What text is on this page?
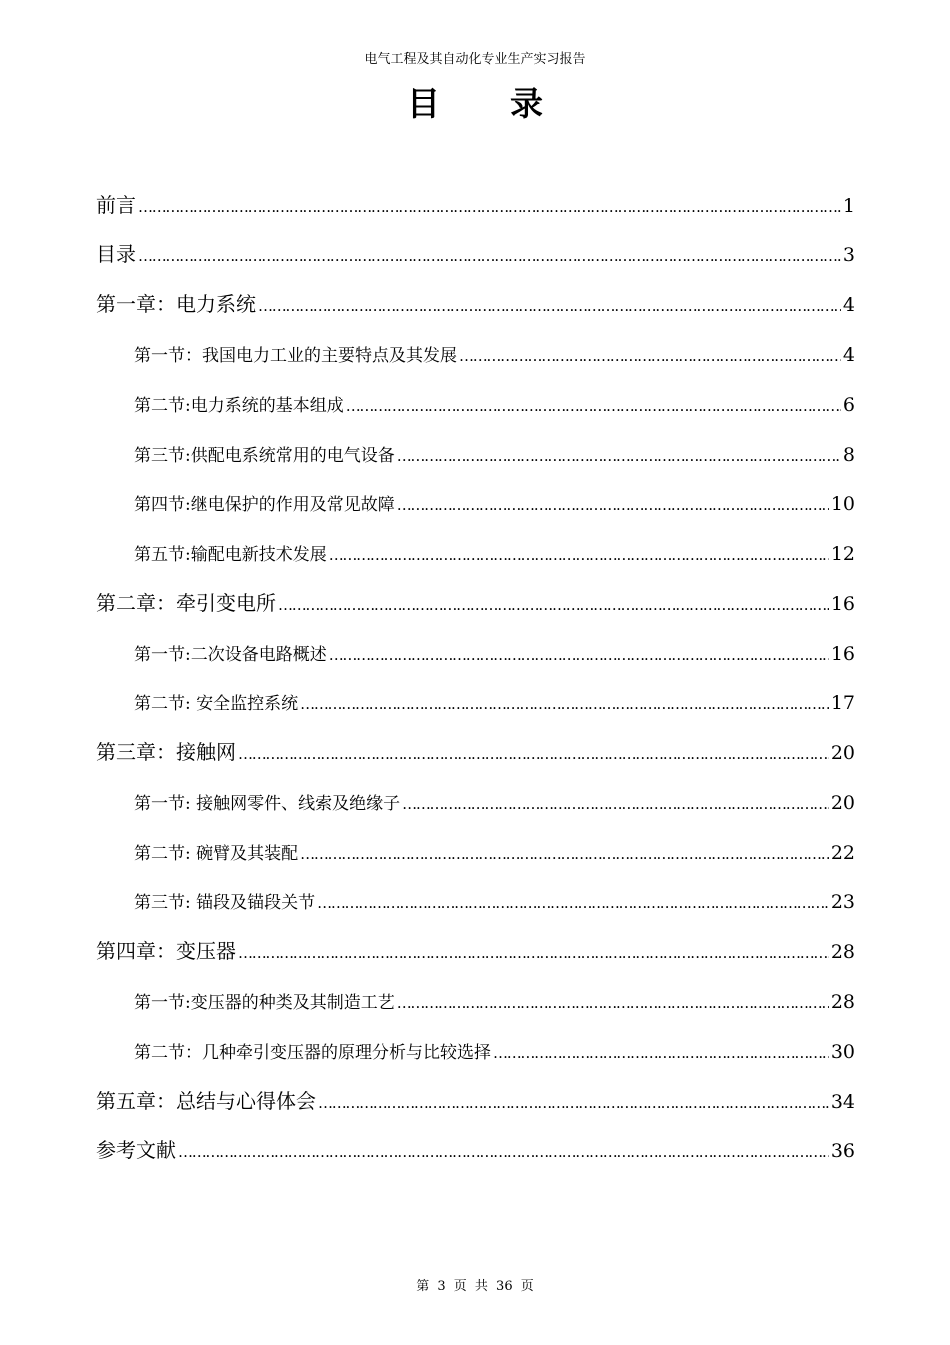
电气工程及其自动化专业生产实习报告
目 录
前言 ………………………………………………………………………………………………………………………………………………………………………………………………………………	1
目录 ………………………………………………………………………………………………………………………………………………………………………………………………………………	3
第一章：电力系统 ………………………………………………………………………………………………………………………………………………………………………………………………………………	4
第一节：我国电力工业的主要特点及其发展 ………………………………………………………………………………………………………………………………………………………………………………………………………………	4
第二节:电力系统的基本组成 ………………………………………………………………………………………………………………………………………………………………………………………………………………	6
第三节:供配电系统常用的电气设备 ………………………………………………………………………………………………………………………………………………………………………………………………………………	8
第四节:继电保护的作用及常见故障 ………………………………………………………………………………………………………………………………………………………………………………………………………………	10
第五节:输配电新技术发展 ………………………………………………………………………………………………………………………………………………………………………………………………………………	12
第二章：牵引变电所 ………………………………………………………………………………………………………………………………………………………………………………………………………………	16
第一节:二次设备电路概述 ………………………………………………………………………………………………………………………………………………………………………………………………………………	16
第二节: 安全监控系统 ………………………………………………………………………………………………………………………………………………………………………………………………………………	17
第三章：接触网 ………………………………………………………………………………………………………………………………………………………………………………………………………………	20
第一节: 接触网零件、线索及绝缘子 ………………………………………………………………………………………………………………………………………………………………………………………………………………	20
第二节: 碗臂及其装配 ………………………………………………………………………………………………………………………………………………………………………………………………………………	22
第三节: 锚段及锚段关节 ………………………………………………………………………………………………………………………………………………………………………………………………………………	23
第四章：变压器 ………………………………………………………………………………………………………………………………………………………………………………………………………………	28
第一节:变压器的种类及其制造工艺 ………………………………………………………………………………………………………………………………………………………………………………………………………………	28
第二节：几种牵引变压器的原理分析与比较选择 ………………………………………………………………………………………………………………………………………………………………………………………………………………	30
第五章：总结与心得体会 ………………………………………………………………………………………………………………………………………………………………………………………………………………	34
参考文献 ………………………………………………………………………………………………………………………………………………………………………………………………………………	36
第 3 页 共 36 页
